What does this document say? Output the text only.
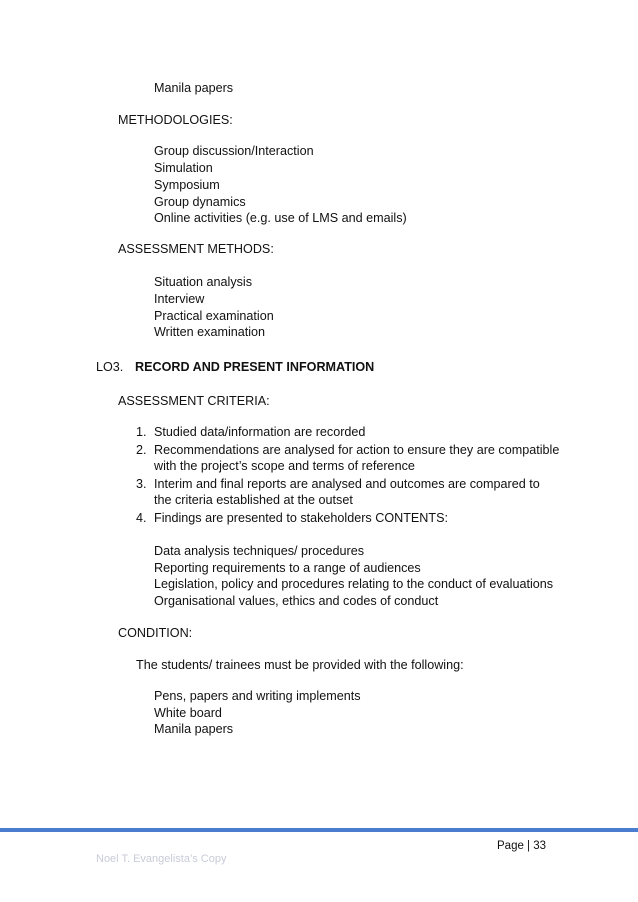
Manila papers
METHODOLOGIES:
Group discussion/Interaction
Simulation
Symposium
Group dynamics
Online activities (e.g. use of LMS and emails)
ASSESSMENT METHODS:
Situation analysis
Interview
Practical examination
Written examination
LO3. RECORD AND PRESENT INFORMATION
ASSESSMENT CRITERIA:
1. Studied data/information are recorded
2. Recommendations are analysed for action to ensure they are compatible
with the project’s scope and terms of reference
3. Interim and final reports are analysed and outcomes are compared to
the criteria established at the outset
4. Findings are presented to stakeholders CONTENTS:
Data analysis techniques/ procedures
Reporting requirements to a range of audiences
Legislation, policy and procedures relating to the conduct of evaluations
Organisational values, ethics and codes of conduct
CONDITION:
The students/ trainees must be provided with the following:
Pens, papers and writing implements
White board
Manila papers
Page | 33
Noel T. Evangelista’s Copy
